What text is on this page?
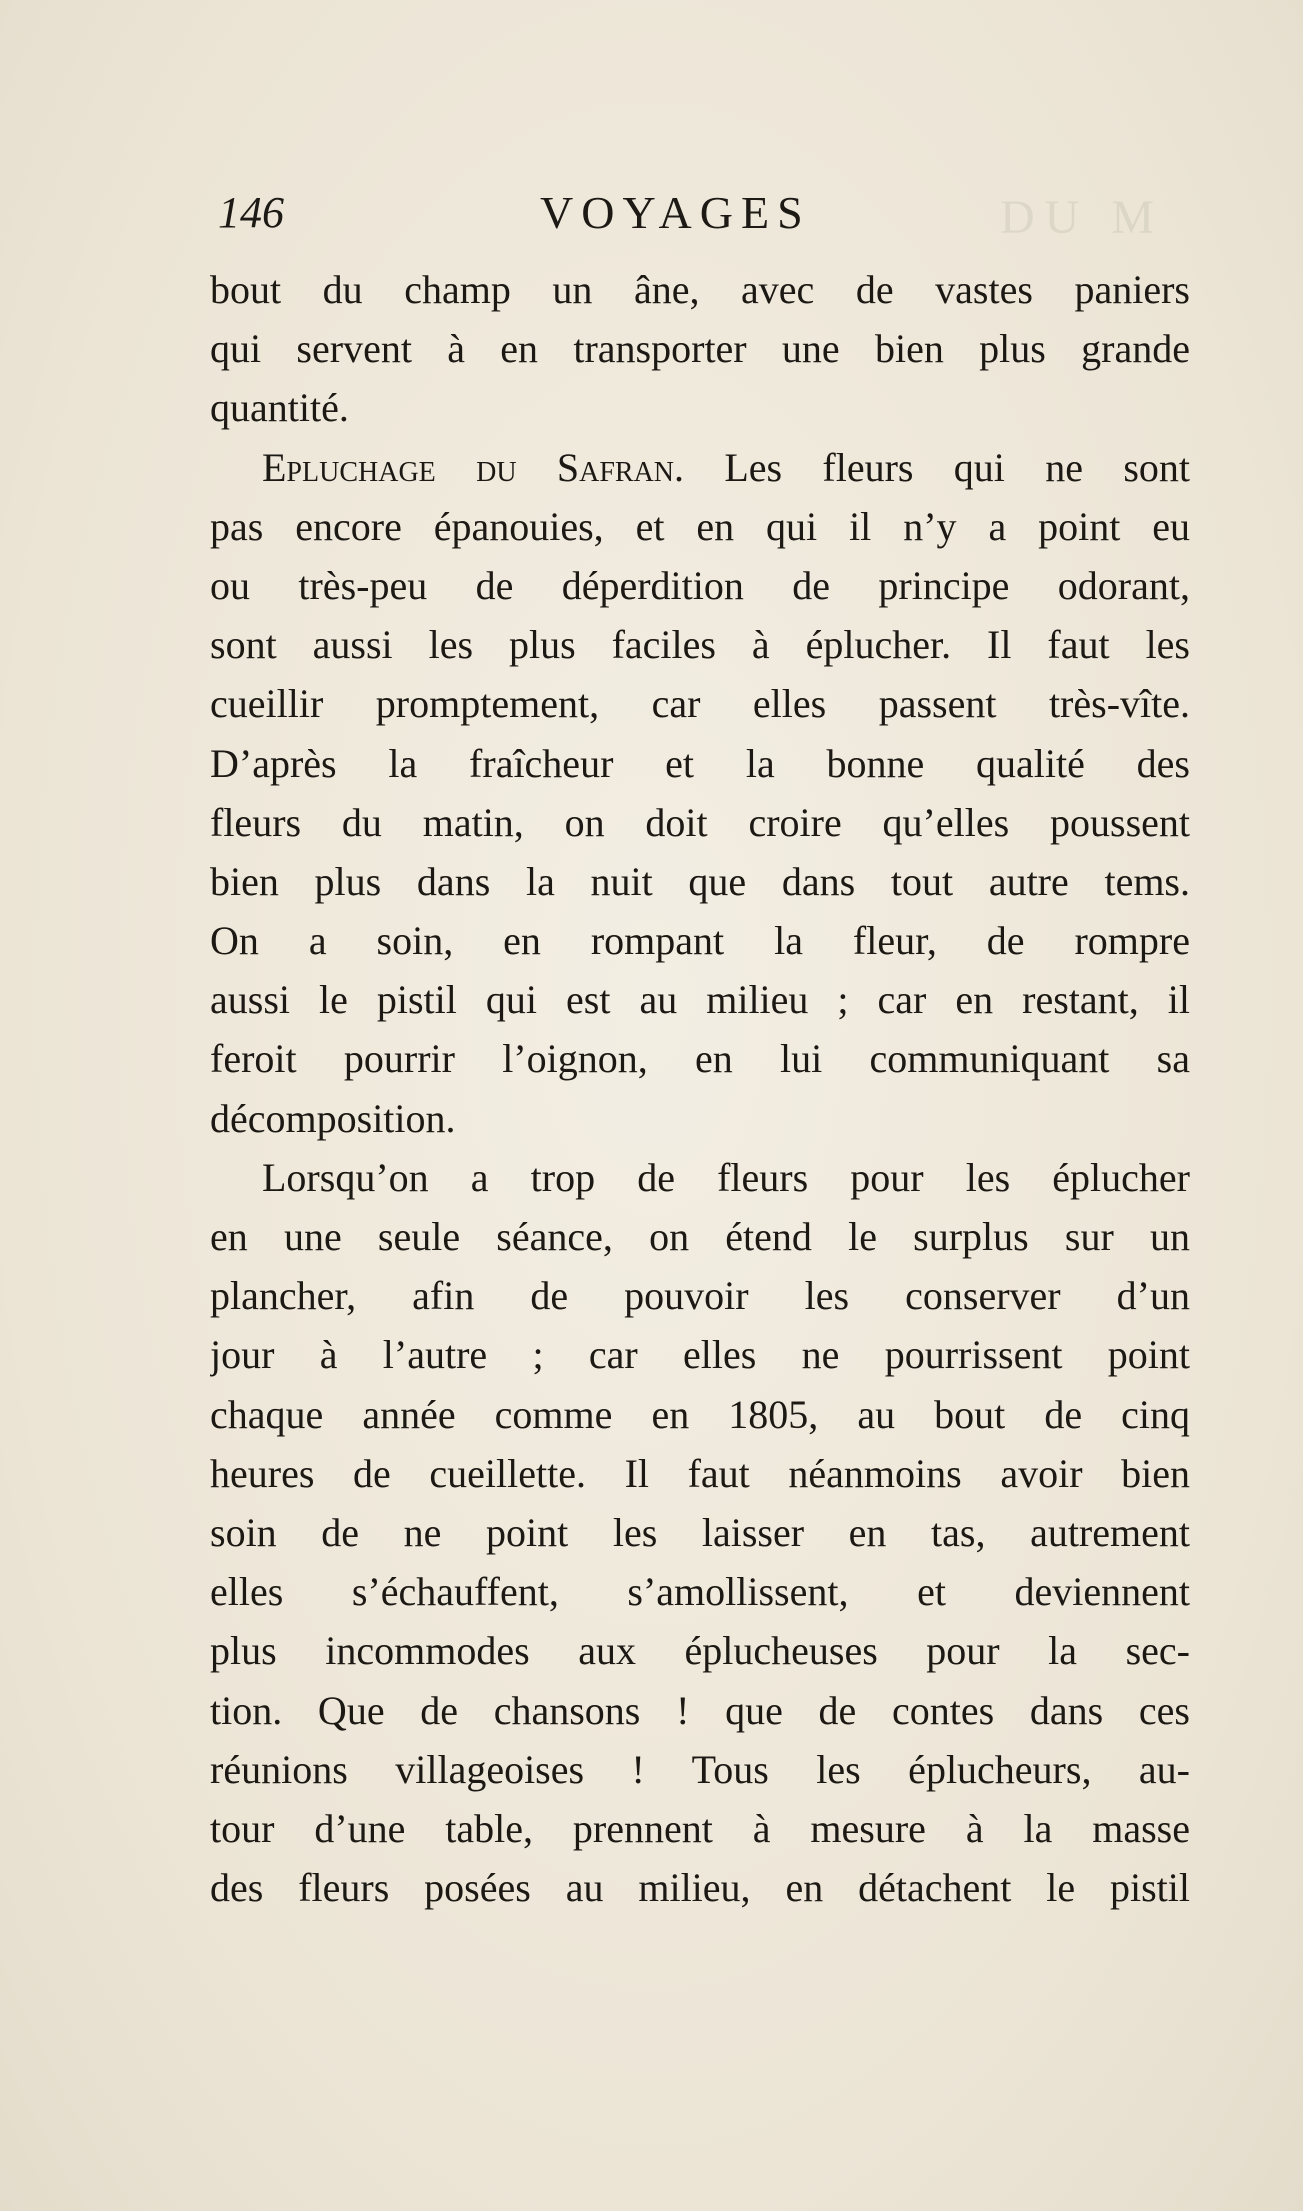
DU M
146	VOYAGES
bout du champ un âne, avec de vastes paniers
qui servent à en transporter une bien plus grande
quantité.
Epluchage du Safran. Les fleurs qui ne sont
pas encore épanouies, et en qui il n’y a point eu
ou très-peu de déperdition de principe odorant,
sont aussi les plus faciles à éplucher. Il faut les
cueillir promptement, car elles passent très-vîte.
D’après la fraîcheur et la bonne qualité des
fleurs du matin, on doit croire qu’elles poussent
bien plus dans la nuit que dans tout autre tems.
On a soin, en rompant la fleur, de rompre
aussi le pistil qui est au milieu ; car en restant, il
feroit pourrir l’oignon, en lui communiquant sa
décomposition.
Lorsqu’on a trop de fleurs pour les éplucher
en une seule séance, on étend le surplus sur un
plancher, afin de pouvoir les conserver d’un
jour à l’autre ; car elles ne pourrissent point
chaque année comme en 1805, au bout de cinq
heures de cueillette. Il faut néanmoins avoir bien
soin de ne point les laisser en tas, autrement
elles s’échauffent, s’amollissent, et deviennent
plus incommodes aux éplucheuses pour la sec-
tion. Que de chansons ! que de contes dans ces
réunions villageoises ! Tous les éplucheurs, au-
tour d’une table, prennent à mesure à la masse
des fleurs posées au milieu, en détachent le pistil
